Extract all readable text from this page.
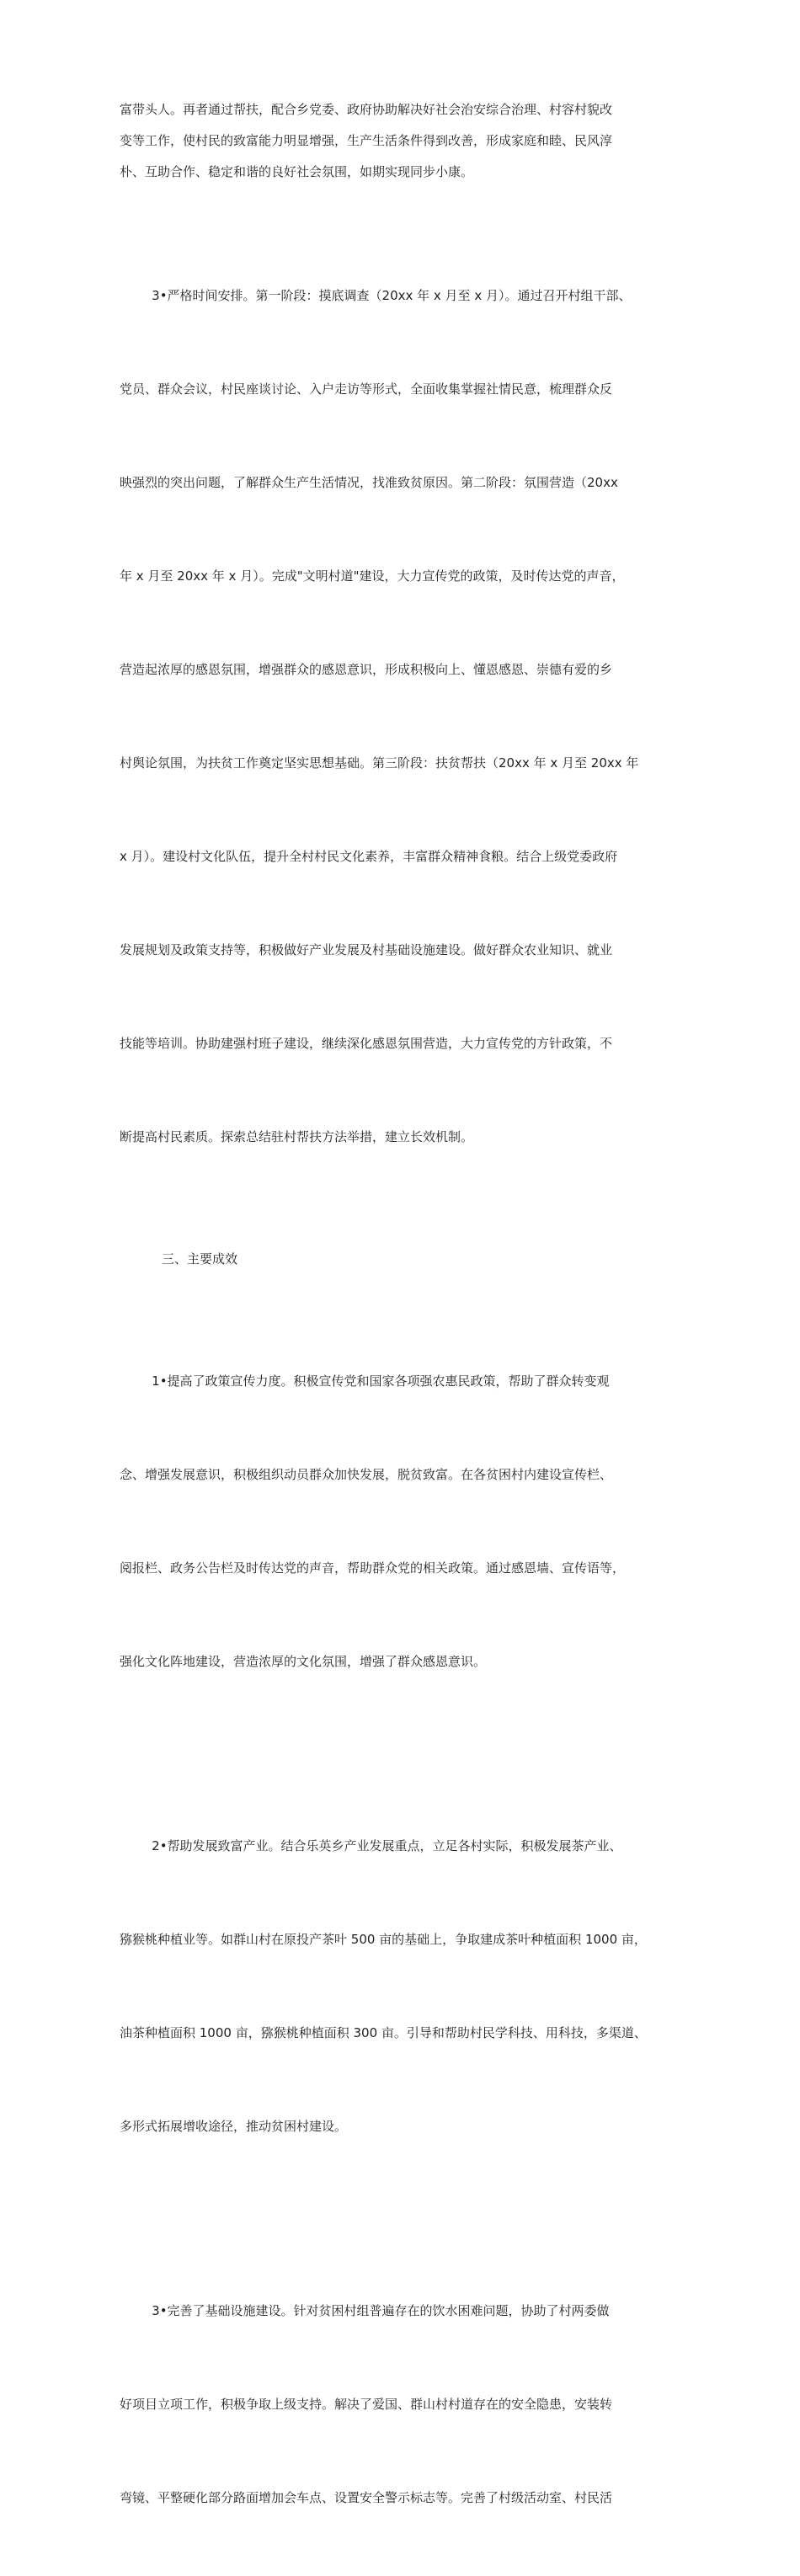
富带头人。再者通过帮扶，配合乡党委、政府协助解决好社会治安综合治理、村容村貌改
变等工作，使村民的致富能力明显增强，生产生活条件得到改善，形成家庭和睦、民风淳
朴、互助合作、稳定和谐的良好社会氛围，如期实现同步小康。

3•严格时间安排。第一阶段：摸底调查（20xx 年 x 月至 x 月）。通过召开村组干部、

党员、群众会议，村民座谈讨论、入户走访等形式，全面收集掌握社情民意，梳理群众反

映强烈的突出问题，了解群众生产生活情况，找准致贫原因。第二阶段：氛围营造（20xx

年 x 月至 20xx 年 x 月）。完成"文明村道"建设，大力宣传党的政策，及时传达党的声音，

营造起浓厚的感恩氛围，增强群众的感恩意识，形成积极向上、懂恩感恩、崇德有爱的乡

村舆论氛围，为扶贫工作奠定坚实思想基础。第三阶段：扶贫帮扶（20xx 年 x 月至 20xx 年

x 月）。建设村文化队伍，提升全村村民文化素养，丰富群众精神食粮。结合上级党委政府

发展规划及政策支持等，积极做好产业发展及村基础设施建设。做好群众农业知识、就业

技能等培训。协助建强村班子建设，继续深化感恩氛围营造，大力宣传党的方针政策，不

断提高村民素质。探索总结驻村帮扶方法举措，建立长效机制。

三、主要成效

1•提高了政策宣传力度。积极宣传党和国家各项强农惠民政策，帮助了群众转变观

念、增强发展意识，积极组织动员群众加快发展，脱贫致富。在各贫困村内建设宣传栏、

阅报栏、政务公告栏及时传达党的声音，帮助群众党的相关政策。通过感恩墙、宣传语等，

强化文化阵地建设，营造浓厚的文化氛围，增强了群众感恩意识。

2•帮助发展致富产业。结合乐英乡产业发展重点，立足各村实际，积极发展茶产业、

猕猴桃种植业等。如群山村在原投产茶叶 500 亩的基础上，争取建成茶叶种植面积 1000 亩，

油茶种植面积 1000 亩，猕猴桃种植面积 300 亩。引导和帮助村民学科技、用科技，多渠道、

多形式拓展增收途径，推动贫困村建设。

3•完善了基础设施建设。针对贫困村组普遍存在的饮水困难问题，协助了村两委做

好项目立项工作，积极争取上级支持。解决了爱国、群山村村道存在的安全隐患，安装转

弯镜、平整硬化部分路面增加会车点、设置安全警示标志等。完善了村级活动室、村民活
